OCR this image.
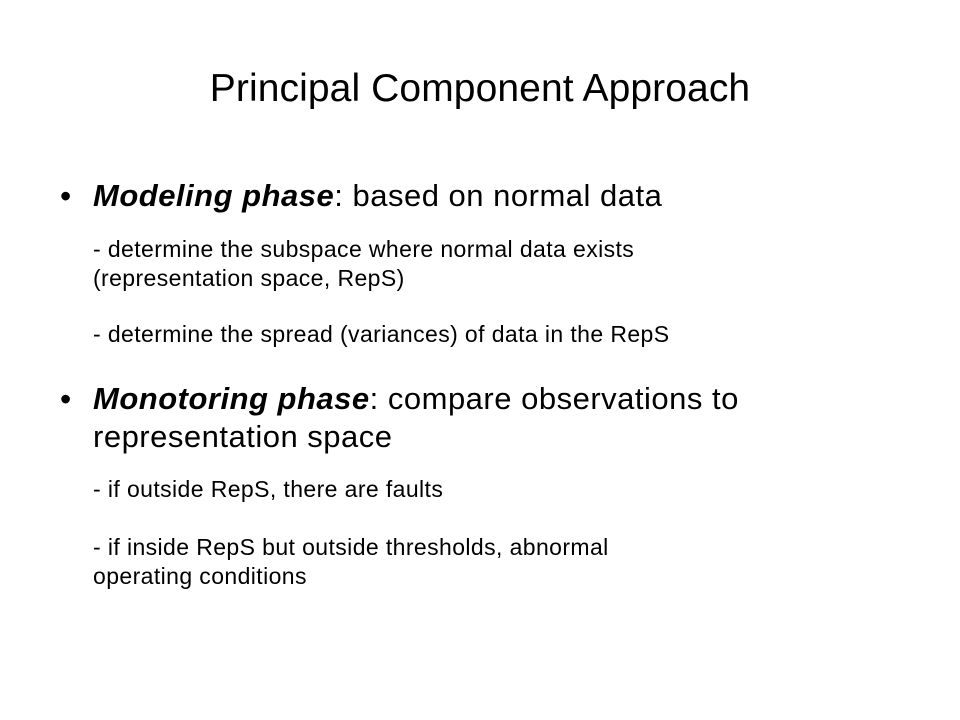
Principal Component Approach
• Modeling phase: based on normal data
- determine the subspace where normal data exists
(representation space, RepS)
- determine the spread (variances) of data in the RepS
• Monotoring phase: compare observations to
representation space
- if outside RepS, there are faults
- if inside RepS but outside thresholds, abnormal
operating conditions
